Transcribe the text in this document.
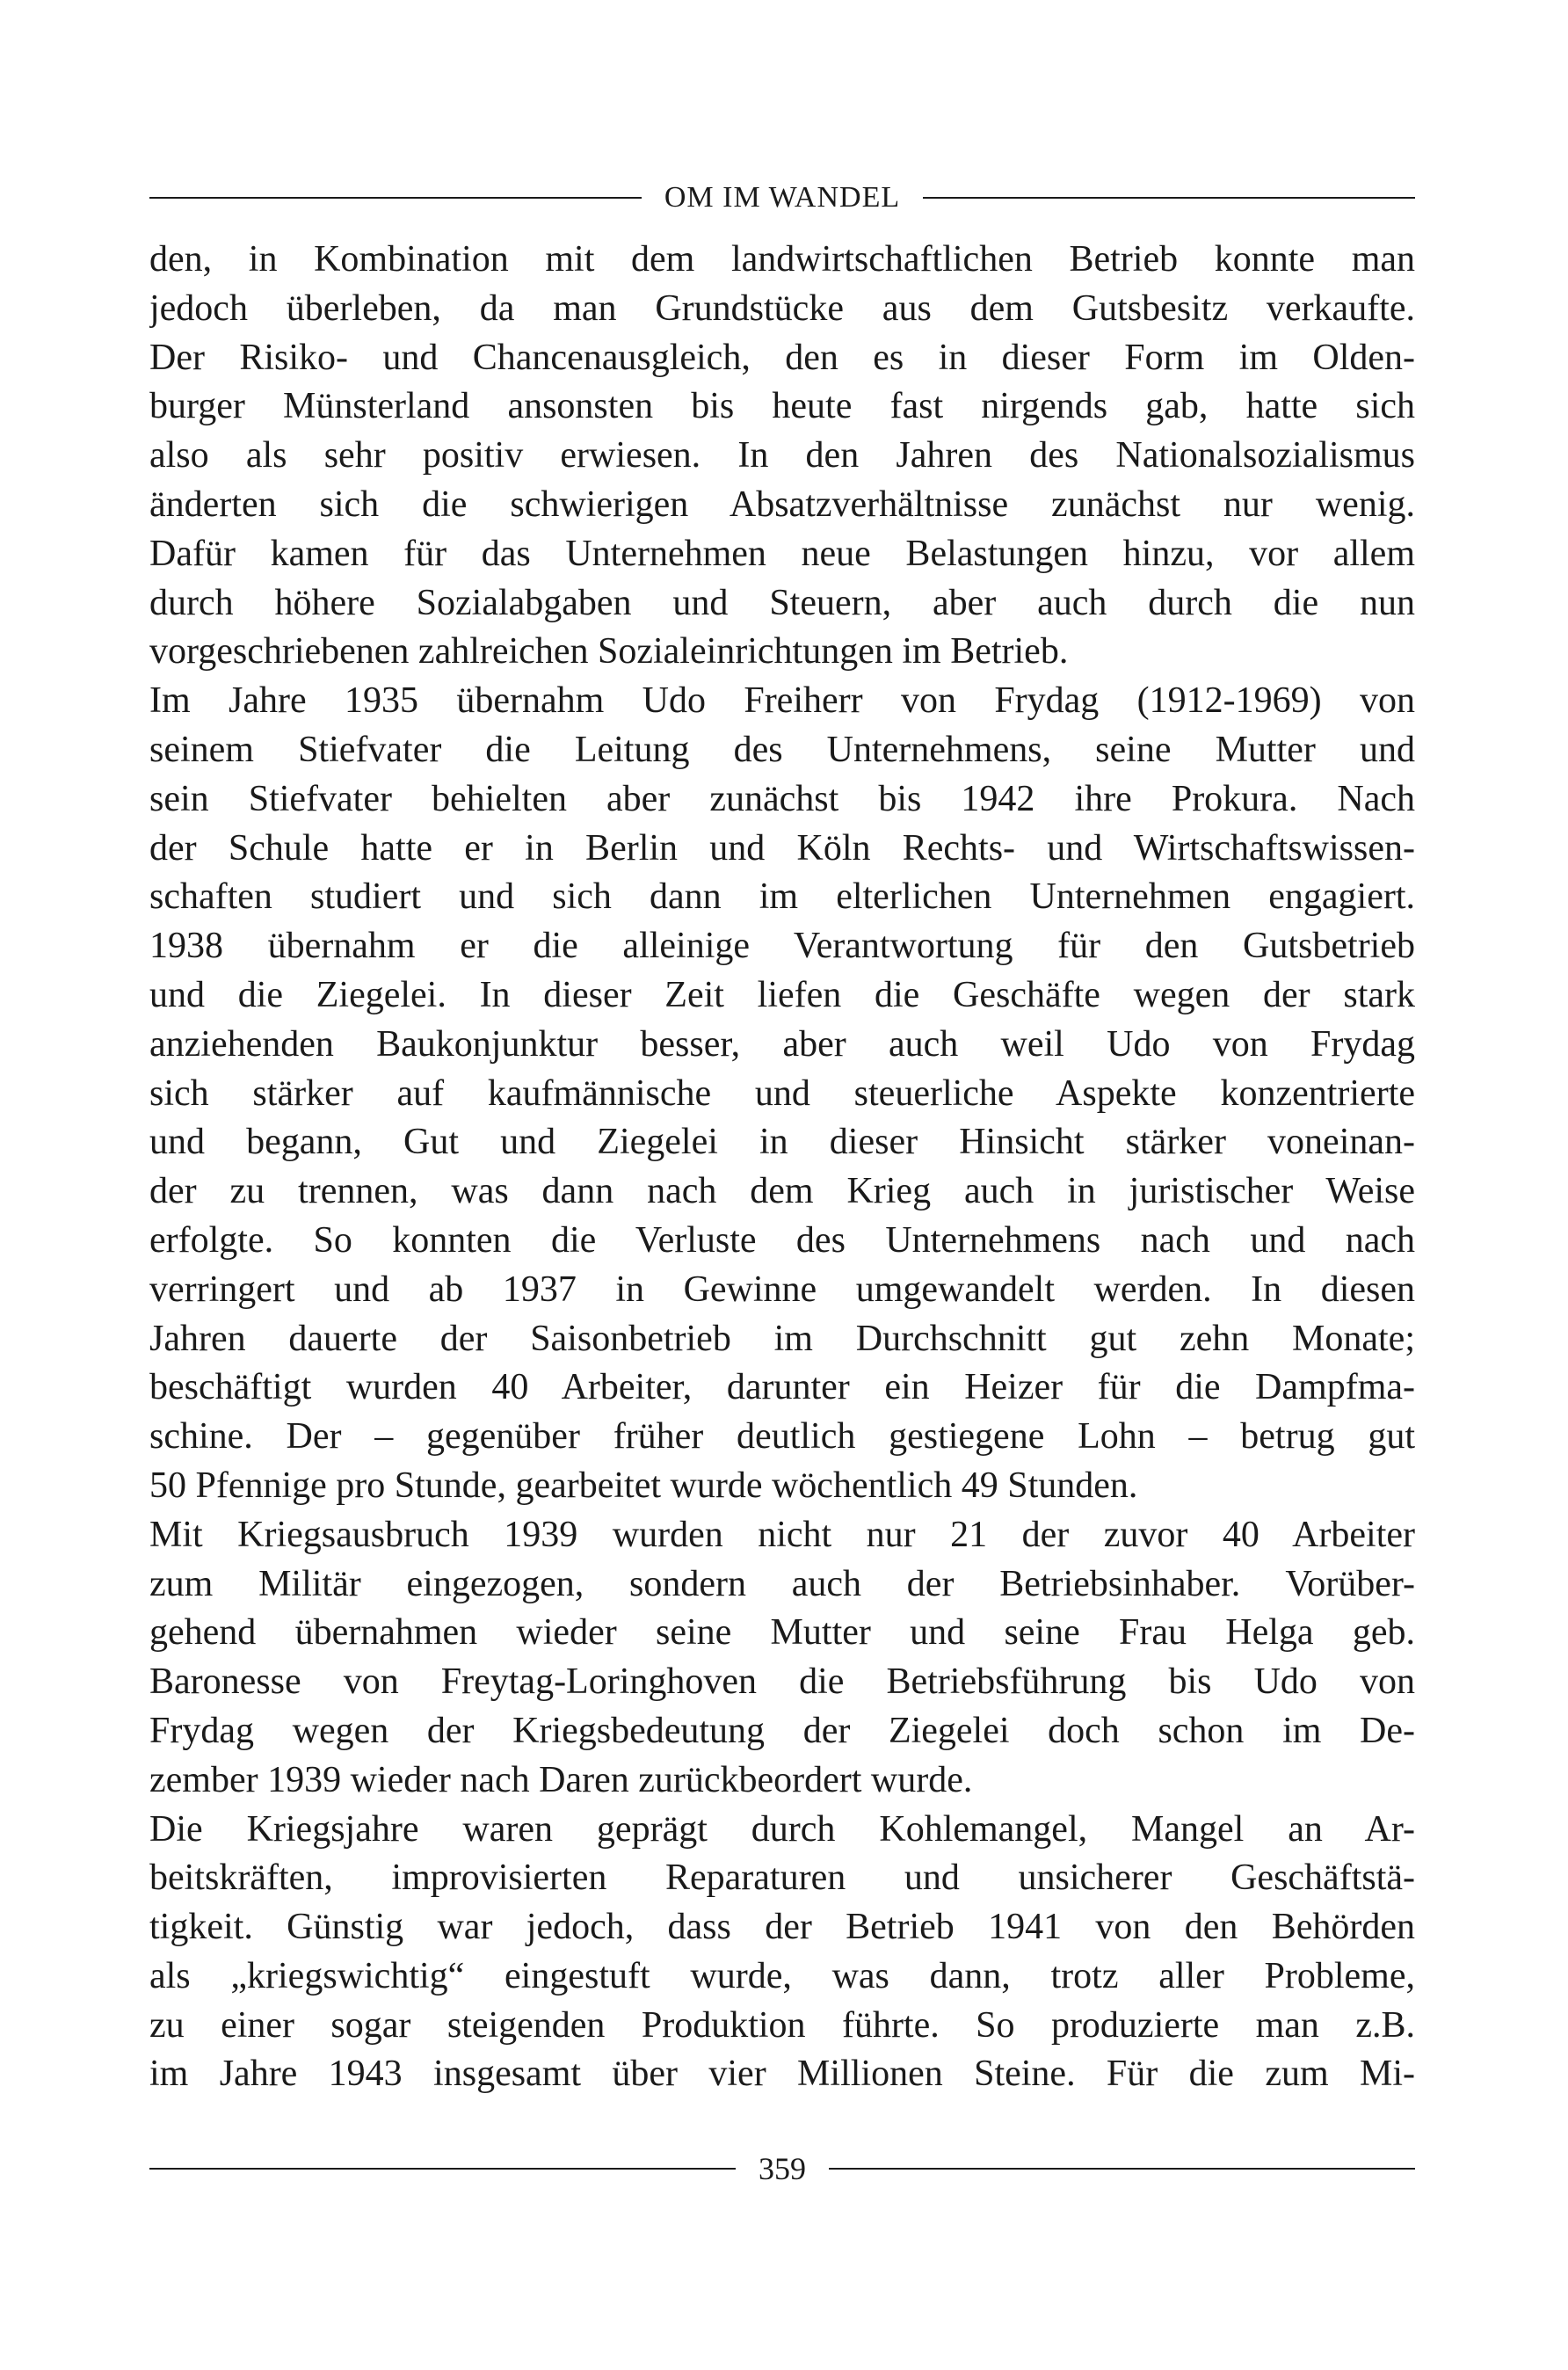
OM IM WANDEL
den, in Kombination mit dem landwirtschaftlichen Betrieb konnte man
jedoch überleben, da man Grundstücke aus dem Gutsbesitz verkaufte.
Der Risiko- und Chancenausgleich, den es in dieser Form im Olden-
burger Münsterland ansonsten bis heute fast nirgends gab, hatte sich
also als sehr positiv erwiesen. In den Jahren des Nationalsozialismus
änderten sich die schwierigen Absatzverhältnisse zunächst nur wenig.
Dafür kamen für das Unternehmen neue Belastungen hinzu, vor allem
durch höhere Sozialabgaben und Steuern, aber auch durch die nun
vorgeschriebenen zahlreichen Sozialeinrichtungen im Betrieb.
Im Jahre 1935 übernahm Udo Freiherr von Frydag (1912-1969) von
seinem Stiefvater die Leitung des Unternehmens, seine Mutter und
sein Stiefvater behielten aber zunächst bis 1942 ihre Prokura. Nach
der Schule hatte er in Berlin und Köln Rechts- und Wirtschaftswissen-
schaften studiert und sich dann im elterlichen Unternehmen engagiert.
1938 übernahm er die alleinige Verantwortung für den Gutsbetrieb
und die Ziegelei. In dieser Zeit liefen die Geschäfte wegen der stark
anziehenden Baukonjunktur besser, aber auch weil Udo von Frydag
sich stärker auf kaufmännische und steuerliche Aspekte konzentrierte
und begann, Gut und Ziegelei in dieser Hinsicht stärker voneinan-
der zu trennen, was dann nach dem Krieg auch in juristischer Weise
erfolgte. So konnten die Verluste des Unternehmens nach und nach
verringert und ab 1937 in Gewinne umgewandelt werden. In diesen
Jahren dauerte der Saisonbetrieb im Durchschnitt gut zehn Monate;
beschäftigt wurden 40 Arbeiter, darunter ein Heizer für die Dampfma-
schine. Der – gegenüber früher deutlich gestiegene Lohn – betrug gut
50 Pfennige pro Stunde, gearbeitet wurde wöchentlich 49 Stunden.
Mit Kriegsausbruch 1939 wurden nicht nur 21 der zuvor 40 Arbeiter
zum Militär eingezogen, sondern auch der Betriebsinhaber. Vorüber-
gehend übernahmen wieder seine Mutter und seine Frau Helga geb.
Baronesse von Freytag-Loringhoven die Betriebsführung bis Udo von
Frydag wegen der Kriegsbedeutung der Ziegelei doch schon im De-
zember 1939 wieder nach Daren zurückbeordert wurde.
Die Kriegsjahre waren geprägt durch Kohlemangel, Mangel an Ar-
beitskräften, improvisierten Reparaturen und unsicherer Geschäftstä-
tigkeit. Günstig war jedoch, dass der Betrieb 1941 von den Behörden
als „kriegswichtig“ eingestuft wurde, was dann, trotz aller Probleme,
zu einer sogar steigenden Produktion führte. So produzierte man z.B.
im Jahre 1943 insgesamt über vier Millionen Steine. Für die zum Mi-
359
